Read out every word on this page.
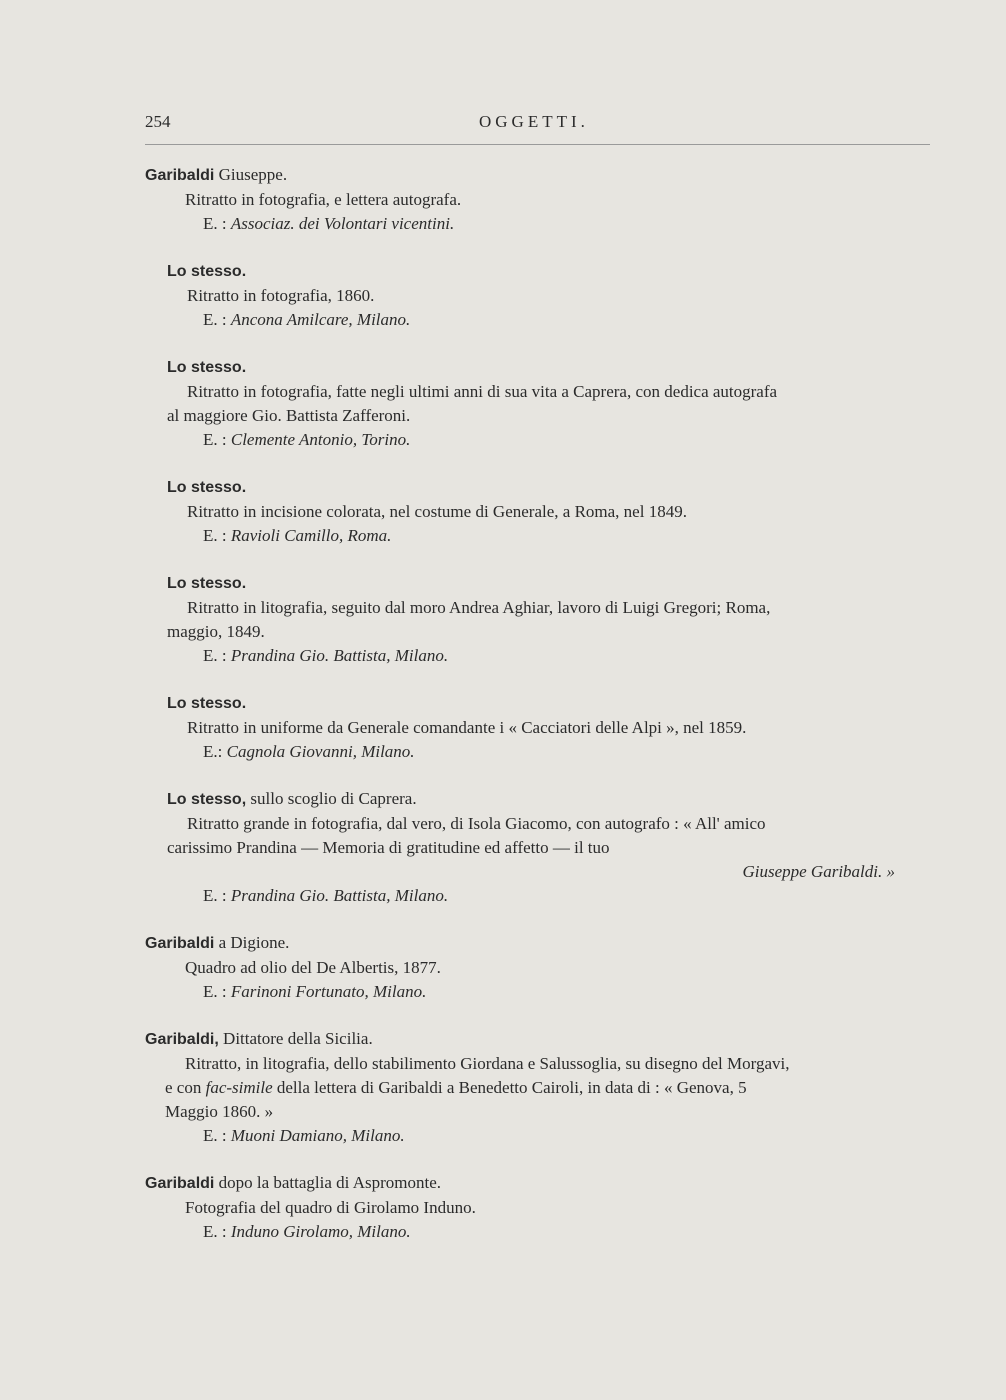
254	OGGETTI.
Garibaldi Giuseppe.
Ritratto in fotografia, e lettera autografa.
E. : Associaz. dei Volontari vicentini.
Lo stesso.
Ritratto in fotografia, 1860.
E. : Ancona Amilcare, Milano.
Lo stesso.
Ritratto in fotografia, fatte negli ultimi anni di sua vita a Caprera, con dedica autografa
al maggiore Gio. Battista Zafferoni.
E. : Clemente Antonio, Torino.
Lo stesso.
Ritratto in incisione colorata, nel costume di Generale, a Roma, nel 1849.
E. : Ravioli Camillo, Roma.
Lo stesso.
Ritratto in litografia, seguito dal moro Andrea Aghiar, lavoro di Luigi Gregori; Roma,
maggio, 1849.
E. : Prandina Gio. Battista, Milano.
Lo stesso.
Ritratto in uniforme da Generale comandante i « Cacciatori delle Alpi », nel 1859.
E.: Cagnola Giovanni, Milano.
Lo stesso, sullo scoglio di Caprera.
Ritratto grande in fotografia, dal vero, di Isola Giacomo, con autografo : « All' amico
carissimo Prandina — Memoria di gratitudine ed affetto — il tuo
Giuseppe Garibaldi. »
E. : Prandina Gio. Battista, Milano.
Garibaldi a Digione.
Quadro ad olio del De Albertis, 1877.
E. : Farinoni Fortunato, Milano.
Garibaldi, Dittatore della Sicilia.
Ritratto, in litografia, dello stabilimento Giordana e Salussoglia, su disegno del Morgavi,
e con fac-simile della lettera di Garibaldi a Benedetto Cairoli, in data di : « Genova, 5
Maggio 1860. »
E. : Muoni Damiano, Milano.
Garibaldi dopo la battaglia di Aspromonte.
Fotografia del quadro di Girolamo Induno.
E. : Induno Girolamo, Milano.
